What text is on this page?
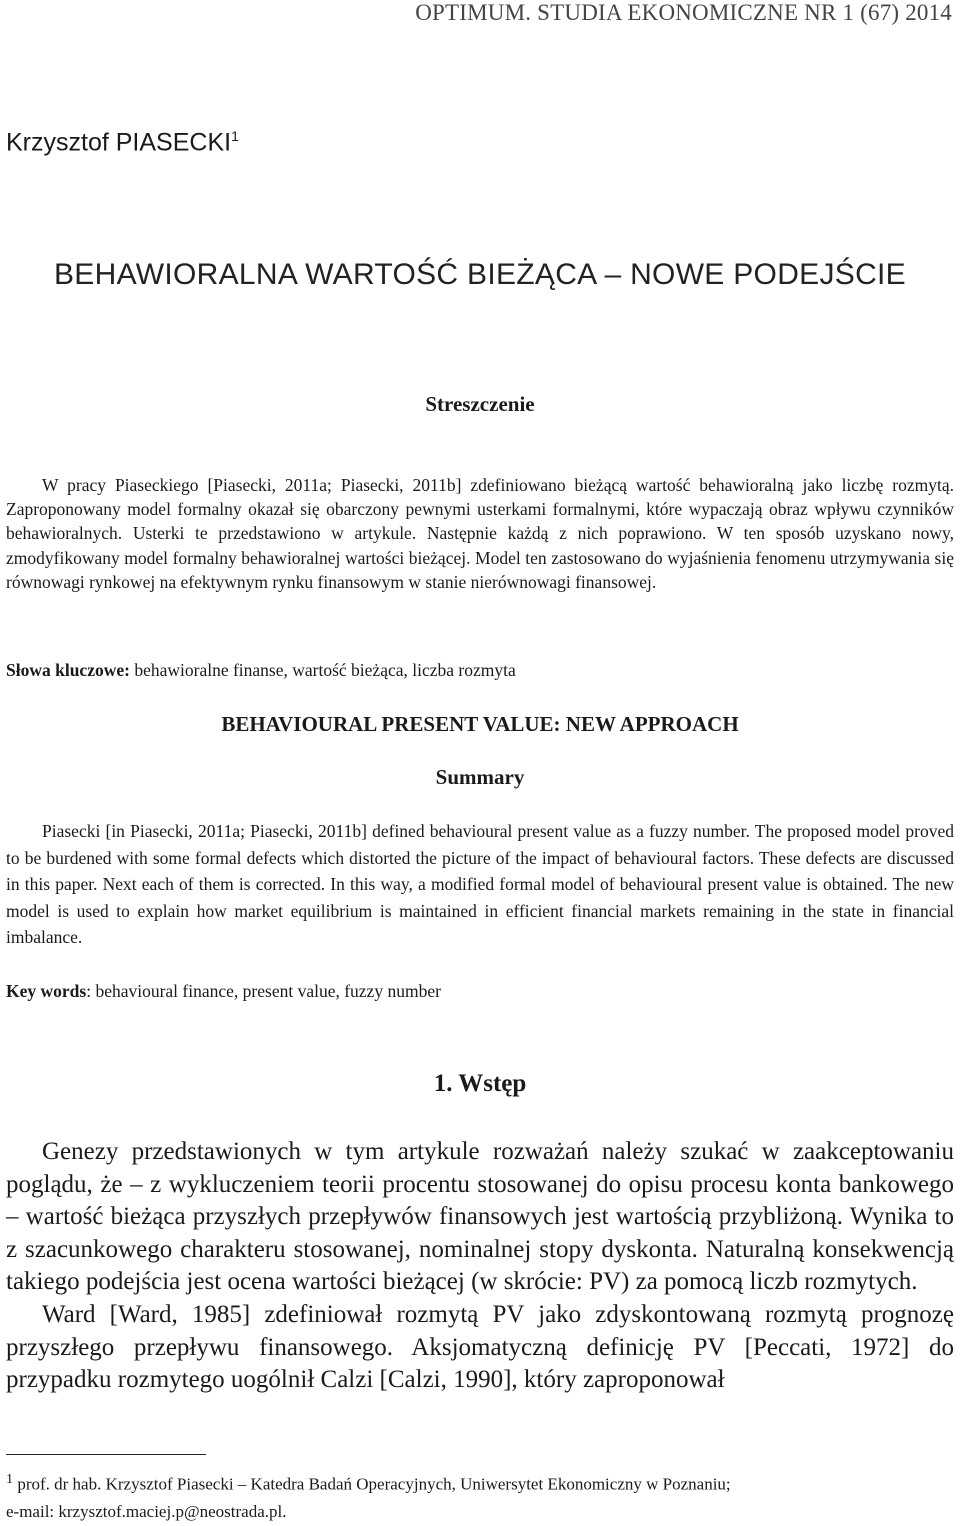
OPTIMUM. STUDIA EKONOMICZNE NR 1 (67) 2014
Krzysztof PIASECKI$^1$
BEHAWIORALNA WARTOŚĆ BIEŻĄCA – NOWE PODEJŚCIE
Streszczenie

W pracy Piaseckiego [Piasecki, 2011a; Piasecki, 2011b] zdefiniowano bieżącą wartość behawioralną jako liczbę rozmytą. Zaproponowany model formalny okazał się obarczony pewnymi usterkami formalnymi, które wypaczają obraz wpływu czynników behawioralnych. Usterki te przedstawiono w artykule. Następnie każdą z nich poprawiono. W ten sposób uzyskano nowy, zmodyfikowany model formalny behawioralnej wartości bieżącej. Model ten zastosowano do wyjaśnienia fenomenu utrzymywania się równowagi rynkowej na efektywnym rynku finansowym w stanie nierównowagi finansowej.

Słowa kluczowe: behawioralne finanse, wartość bieżąca, liczba rozmyta
BEHAVIOURAL PRESENT VALUE: NEW APPROACH
Summary

Piasecki [in Piasecki, 2011a; Piasecki, 2011b] defined behavioural present value as a fuzzy number. The proposed model proved to be burdened with some formal defects which distorted the picture of the impact of behavioural factors. These defects are discussed in this paper. Next each of them is corrected. In this way, a modified formal model of behavioural present value is obtained. The new model is used to explain how market equilibrium is maintained in efficient financial markets remaining in the state in financial imbalance.

Key words: behavioural finance, present value, fuzzy number
1. Wstęp

Genezy przedstawionych w tym artykule rozważań należy szukać w zaakceptowaniu poglądu, że – z wykluczeniem teorii procentu stosowanej do opisu procesu konta bankowego – wartość bieżąca przyszłych przepływów finansowych jest wartością przybliżoną. Wynika to z szacunkowego charakteru stosowanej, nominalnej stopy dyskonta. Naturalną konsekwencją takiego podejścia jest ocena wartości bieżącej (w skrócie: PV) za pomocą liczb rozmytych.

Ward [Ward, 1985] zdefiniował rozmytą PV jako zdyskontowaną rozmytą prognozę przyszłego przepływu finansowego. Aksjomatyczną definicję PV [Peccati, 1972] do przypadku rozmytego uogólnił Calzi [Calzi, 1990], który zaproponował

$^1$ prof. dr hab. Krzysztof Piasecki – Katedra Badań Operacyjnych, Uniwersytet Ekonomiczny w Poznaniu;
e-mail: krzysztof.maciej.p@neostrada.pl.
